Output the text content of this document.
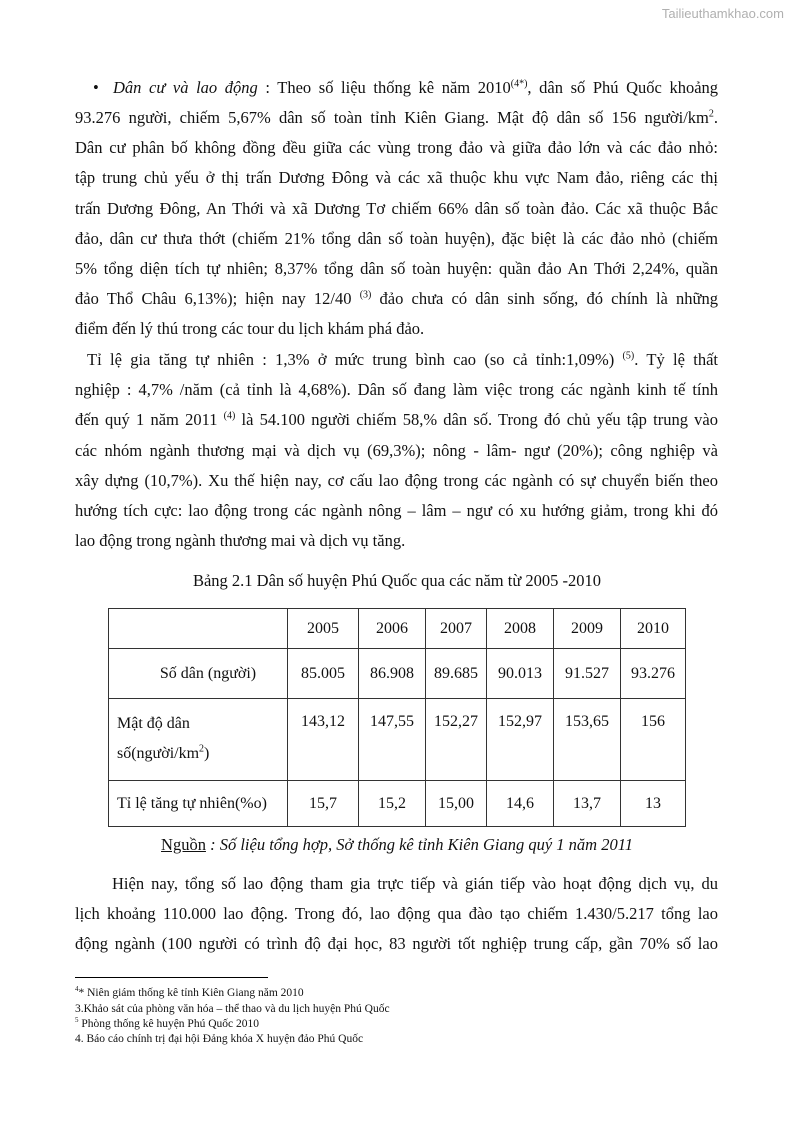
Tailieuthamkhao.com
• Dân cư và lao động : Theo số liệu thống kê năm $2010^{(4*)}$, dân số Phú Quốc khoảng
93.276 người, chiếm 5,67% dân số toàn tỉnh Kiên Giang. Mật độ dân số 156 người/$km^2$.
Dân cư phân bố không đồng đều giữa các vùng trong đảo và giữa đảo lớn và các đảo nhỏ:
tập trung chủ yếu ở thị trấn Dương Đông và các xã thuộc khu vực Nam đảo, riêng các thị
trấn Dương Đông, An Thới và xã Dương Tơ chiếm 66% dân số toàn đảo. Các xã thuộc Bắc
đảo, dân cư thưa thớt (chiếm 21% tổng dân số toàn huyện), đặc biệt là các đảo nhỏ (chiếm
5% tổng diện tích tự nhiên; 8,37% tổng dân số toàn huyện: quần đảo An Thới 2,24%, quần
đảo Thổ Châu 6,13%); hiện nay 12/40 $^{(3)}$ đảo chưa có dân sinh sống, đó chính là những
điểm đến lý thú trong các tour du lịch khám phá đảo.
Tỉ lệ gia tăng tự nhiên : 1,3% ở mức trung bình cao (so cả tỉnh:1,09%) $^{(5)}$. Tỷ lệ thất
nghiệp : 4,7% /năm (cả tỉnh là 4,68%). Dân số đang làm việc trong các ngành kinh tế tính
đến quý 1 năm 2011 $^{(4)}$ là 54.100 người chiếm 58,% dân số. Trong đó chủ yếu tập trung vào
các nhóm ngành thương mại và dịch vụ (69,3%); nông - lâm- ngư (20%); công nghiệp và
xây dựng (10,7%). Xu thế hiện nay, cơ cấu lao động trong các ngành có sự chuyển biến theo
hướng tích cực: lao động trong các ngành nông – lâm – ngư có xu hướng giảm, trong khi đó
lao động trong ngành thương mai và dịch vụ tăng.
Bảng 2.1 Dân số huyện Phú Quốc qua các năm từ 2005 -2010
	2005	2006	2007	2008	2009	2010
Số dân (người)	85.005	86.908	89.685	90.013	91.527	93.276
Mật độ dân $số(người/km^2)$	143,12	147,55	152,27	152,97	153,65	156
Tỉ lệ tăng tự nhiên(%o)	15,7	15,2	15,00	14,6	13,7	13
Nguồn : Số liệu tổng hợp, Sở thống kê tỉnh Kiên Giang quý 1 năm 2011
Hiện nay, tổng số lao động tham gia trực tiếp và gián tiếp vào hoạt động dịch vụ, du
lịch khoảng 110.000 lao động. Trong đó, lao động qua đào tạo chiếm 1.430/5.217 tổng lao
động ngành (100 người có trình độ đại học, 83 người tốt nghiệp trung cấp, gần 70% số lao
$^4$* Niên giám thống kê tỉnh Kiên Giang năm 2010
3.Khảo sát của phòng văn hóa – thể thao và du lịch huyện Phú Quốc
$^5$ Phòng thống kê huyện Phú Quốc 2010
4. Báo cáo chính trị đại hội Đảng khóa X huyện đảo Phú Quốc
